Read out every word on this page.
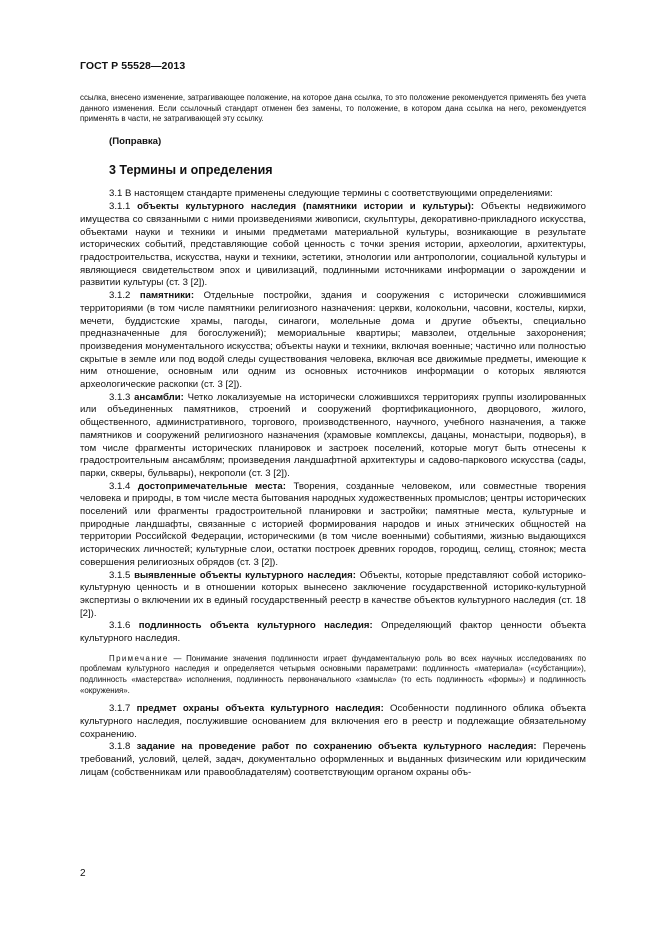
ГОСТ Р 55528—2013

ссылка, внесено изменение, затрагивающее положение, на которое дана ссылка, то это положение рекомендуется применять без учета данного изменения. Если ссылочный стандарт отменен без замены, то положение, в котором дана ссылка на него, рекомендуется применять в части, не затрагивающей эту ссылку.

(Поправка)

3 Термины и определения

3.1 В настоящем стандарте применены следующие термины с соответствующими определениями:

3.1.1 объекты культурного наследия (памятники истории и культуры): Объекты недвижимого имущества со связанными с ними произведениями живописи, скульптуры, декоративно-прикладного искусства, объектами науки и техники и иными предметами материальной культуры, возникающие в результате исторических событий, представляющие собой ценность с точки зрения истории, археологии, архитектуры, градостроительства, искусства, науки и техники, эстетики, этнологии или антропологии, социальной культуры и являющиеся свидетельством эпох и цивилизаций, подлинными источниками информации о зарождении и развитии культуры (ст. 3 [2]).

3.1.2 памятники: Отдельные постройки, здания и сооружения с исторически сложившимися территориями (в том числе памятники религиозного назначения: церкви, колокольни, часовни, костелы, кирхи, мечети, буддистские храмы, пагоды, синагоги, молельные дома и другие объекты, специально предназначенные для богослужений); мемориальные квартиры; мавзолеи, отдельные захоронения; произведения монументального искусства; объекты науки и техники, включая военные; частично или полностью скрытые в земле или под водой следы существования человека, включая все движимые предметы, имеющие к ним отношение, основным или одним из основных источников информации о которых являются археологические раскопки (ст. 3 [2]).

3.1.3 ансамбли: Четко локализуемые на исторически сложившихся территориях группы изолированных или объединенных памятников, строений и сооружений фортификационного, дворцового, жилого, общественного, административного, торгового, производственного, научного, учебного назначения, а также памятников и сооружений религиозного назначения (храмовые комплексы, дацаны, монастыри, подворья), в том числе фрагменты исторических планировок и застроек поселений, которые могут быть отнесены к градостроительным ансамблям; произведения ландшафтной архитектуры и садово-паркового искусства (сады, парки, скверы, бульвары), некрополи (ст. 3 [2]).

3.1.4 достопримечательные места: Творения, созданные человеком, или совместные творения человека и природы, в том числе места бытования народных художественных промыслов; центры исторических поселений или фрагменты градостроительной планировки и застройки; памятные места, культурные и природные ландшафты, связанные с историей формирования народов и иных этнических общностей на территории Российской Федерации, историческими (в том числе военными) событиями, жизнью выдающихся исторических личностей; культурные слои, остатки построек древних городов, городищ, селищ, стоянок; места совершения религиозных обрядов (ст. 3 [2]).

3.1.5 выявленные объекты культурного наследия: Объекты, которые представляют собой историко-культурную ценность и в отношении которых вынесено заключение государственной историко-культурной экспертизы о включении их в единый государственный реестр в качестве объектов культурного наследия (ст. 18 [2]).

3.1.6 подлинность объекта культурного наследия: Определяющий фактор ценности объекта культурного наследия.

Примечание — Понимание значения подлинности играет фундаментальную роль во всех научных исследованиях по проблемам культурного наследия и определяется четырьмя основными параметрами: подлинность «материала» («субстанции»), подлинность «мастерства» исполнения, подлинность первоначального «замысла» (то есть подлинность «формы») и подлинность «окружения».

3.1.7 предмет охраны объекта культурного наследия: Особенности подлинного облика объекта культурного наследия, послужившие основанием для включения его в реестр и подлежащие обязательному сохранению.

3.1.8 задание на проведение работ по сохранению объекта культурного наследия: Перечень требований, условий, целей, задач, документально оформленных и выданных физическим или юридическим лицам (собственникам или правообладателям) соответствующим органом охраны объ-

2
